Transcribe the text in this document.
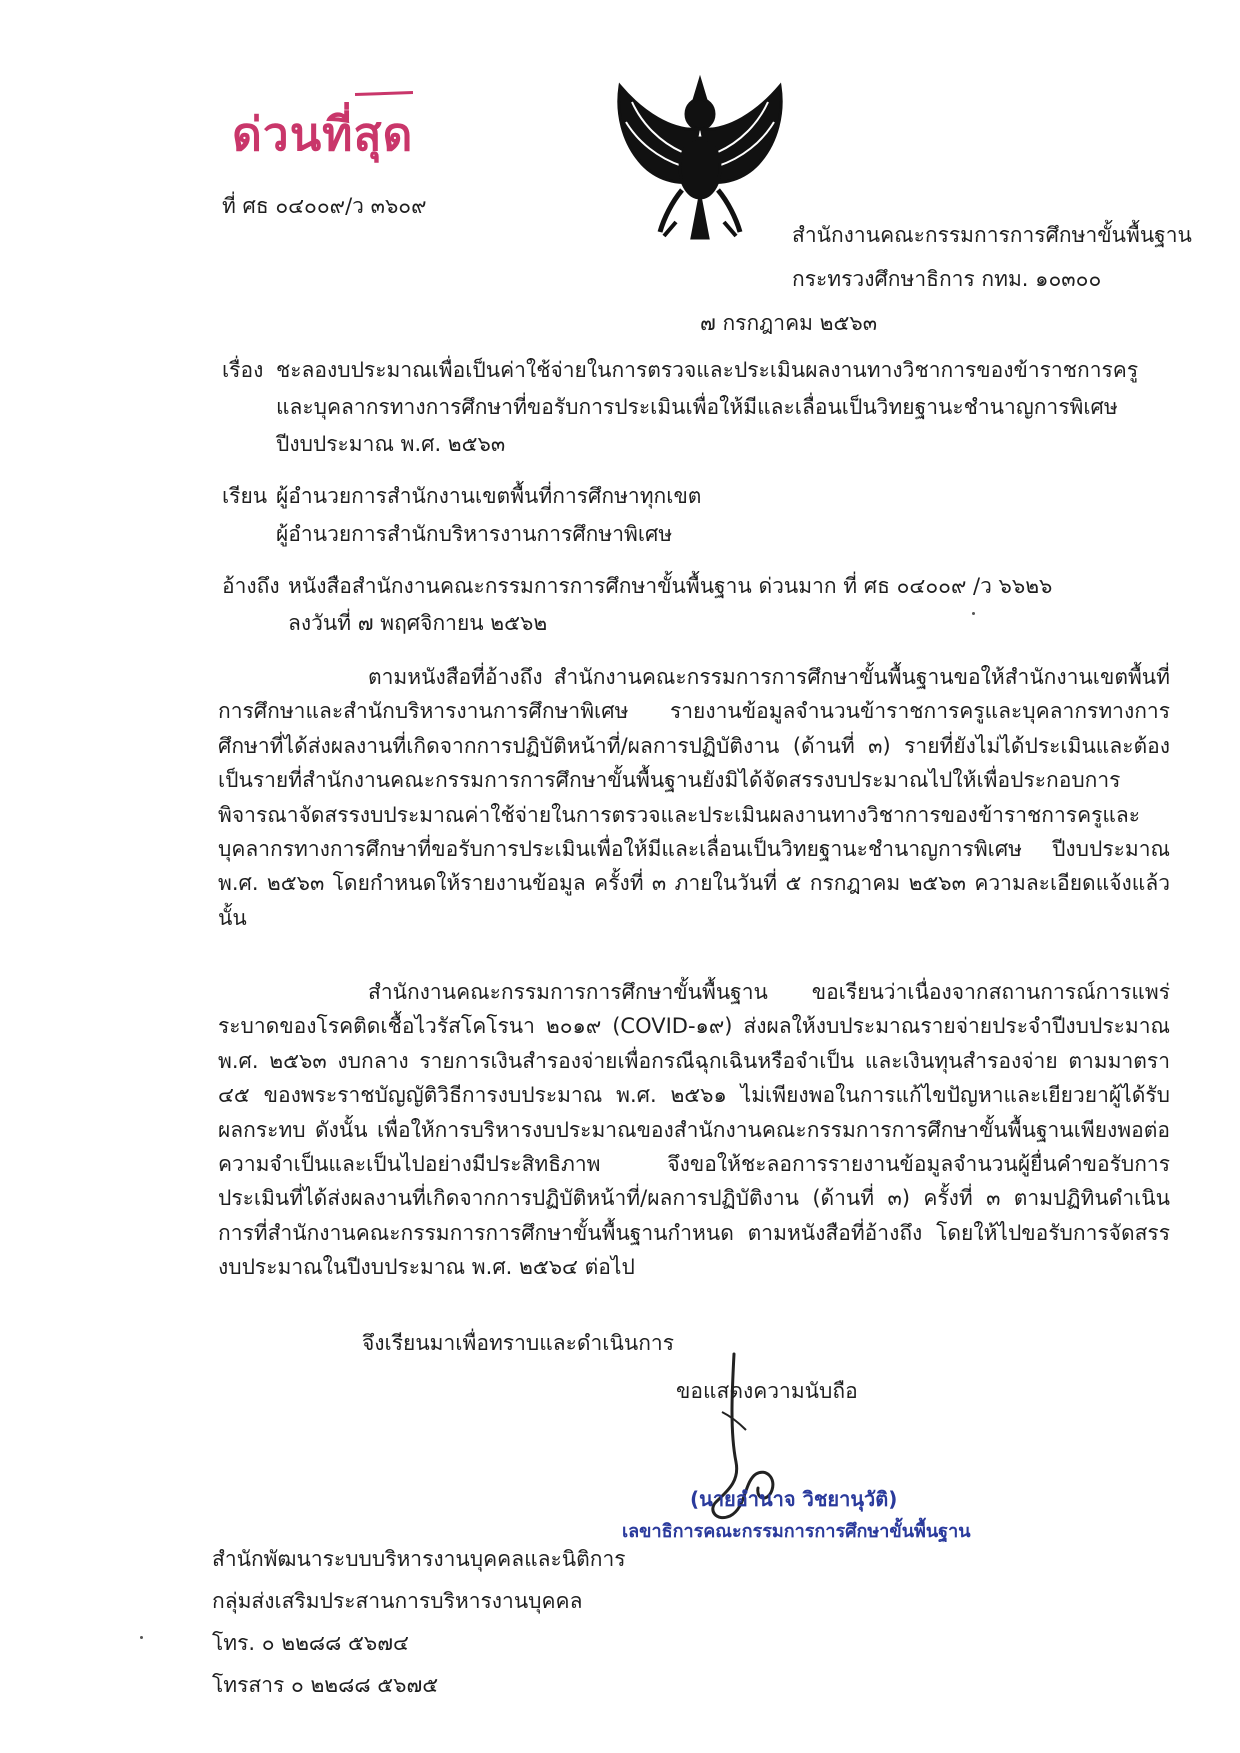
ด่วนที่สุด
ที่ ศธ ๐๔๐๐๙/ว ๓๖๐๙
สำนักงานคณะกรรมการการศึกษาขั้นพื้นฐาน
กระทรวงศึกษาธิการ กทม. ๑๐๓๐๐
๗ กรกฎาคม ๒๕๖๓
เรื่อง ชะลองบประมาณเพื่อเป็นค่าใช้จ่ายในการตรวจและประเมินผลงานทางวิชาการของข้าราชการครู
และบุคลากรทางการศึกษาที่ขอรับการประเมินเพื่อให้มีและเลื่อนเป็นวิทยฐานะชำนาญการพิเศษ
ปีงบประมาณ พ.ศ. ๒๕๖๓
เรียน ผู้อำนวยการสำนักงานเขตพื้นที่การศึกษาทุกเขต
ผู้อำนวยการสำนักบริหารงานการศึกษาพิเศษ
อ้างถึง หนังสือสำนักงานคณะกรรมการการศึกษาขั้นพื้นฐาน ด่วนมาก ที่ ศธ ๐๔๐๐๙ /ว ๖๖๒๖
ลงวันที่ ๗ พฤศจิกายน ๒๕๖๒

ตามหนังสือที่อ้างถึง สำนักงานคณะกรรมการการศึกษาขั้นพื้นฐานขอให้สำนักงานเขตพื้นที่การศึกษาและสำนักบริหารงานการศึกษาพิเศษ รายงานข้อมูลจำนวนข้าราชการครูและบุคลากรทางการศึกษาที่ได้ส่งผลงานที่เกิดจากการปฏิบัติหน้าที่/ผลการปฏิบัติงาน (ด้านที่ ๓) รายที่ยังไม่ได้ประเมินและต้องเป็นรายที่สำนักงานคณะกรรมการการศึกษาขั้นพื้นฐานยังมิได้จัดสรรงบประมาณไปให้เพื่อประกอบการพิจารณาจัดสรรงบประมาณค่าใช้จ่ายในการตรวจและประเมินผลงานทางวิชาการของข้าราชการครูและบุคลากรทางการศึกษาที่ขอรับการประเมินเพื่อให้มีและเลื่อนเป็นวิทยฐานะชำนาญการพิเศษ ปีงบประมาณ พ.ศ. ๒๕๖๓ โดยกำหนดให้รายงานข้อมูล ครั้งที่ ๓ ภายในวันที่ ๕ กรกฎาคม ๒๕๖๓ ความละเอียดแจ้งแล้ว นั้น

สำนักงานคณะกรรมการการศึกษาขั้นพื้นฐาน ขอเรียนว่าเนื่องจากสถานการณ์การแพร่ระบาดของโรคติดเชื้อไวรัสโคโรนา ๒๐๑๙ (COVID-๑๙) ส่งผลให้งบประมาณรายจ่ายประจำปีงบประมาณ พ.ศ. ๒๕๖๓ งบกลาง รายการเงินสำรองจ่ายเพื่อกรณีฉุกเฉินหรือจำเป็น และเงินทุนสำรองจ่าย ตามมาตรา ๔๕ ของพระราชบัญญัติวิธีการงบประมาณ พ.ศ. ๒๕๖๑ ไม่เพียงพอในการแก้ไขปัญหาและเยียวยาผู้ได้รับผลกระทบ ดังนั้น เพื่อให้การบริหารงบประมาณของสำนักงานคณะกรรมการการศึกษาขั้นพื้นฐานเพียงพอต่อความจำเป็นและเป็นไปอย่างมีประสิทธิภาพ จึงขอให้ชะลอการรายงานข้อมูลจำนวนผู้ยื่นคำขอรับการประเมินที่ได้ส่งผลงานที่เกิดจากการปฏิบัติหน้าที่/ผลการปฏิบัติงาน (ด้านที่ ๓) ครั้งที่ ๓ ตามปฏิทินดำเนินการที่สำนักงานคณะกรรมการการศึกษาขั้นพื้นฐานกำหนด ตามหนังสือที่อ้างถึง โดยให้ไปขอรับการจัดสรรงบประมาณในปีงบประมาณ พ.ศ. ๒๕๖๔ ต่อไป

จึงเรียนมาเพื่อทราบและดำเนินการ
ขอแสดงความนับถือ
(นายอำนาจ วิชยานุวัติ)
เลขาธิการคณะกรรมการการศึกษาขั้นพื้นฐาน
สำนักพัฒนาระบบบริหารงานบุคคลและนิติการ
กลุ่มส่งเสริมประสานการบริหารงานบุคคล
โทร. ๐ ๒๒๘๘ ๕๖๗๔
โทรสาร ๐ ๒๒๘๘ ๕๖๗๕
